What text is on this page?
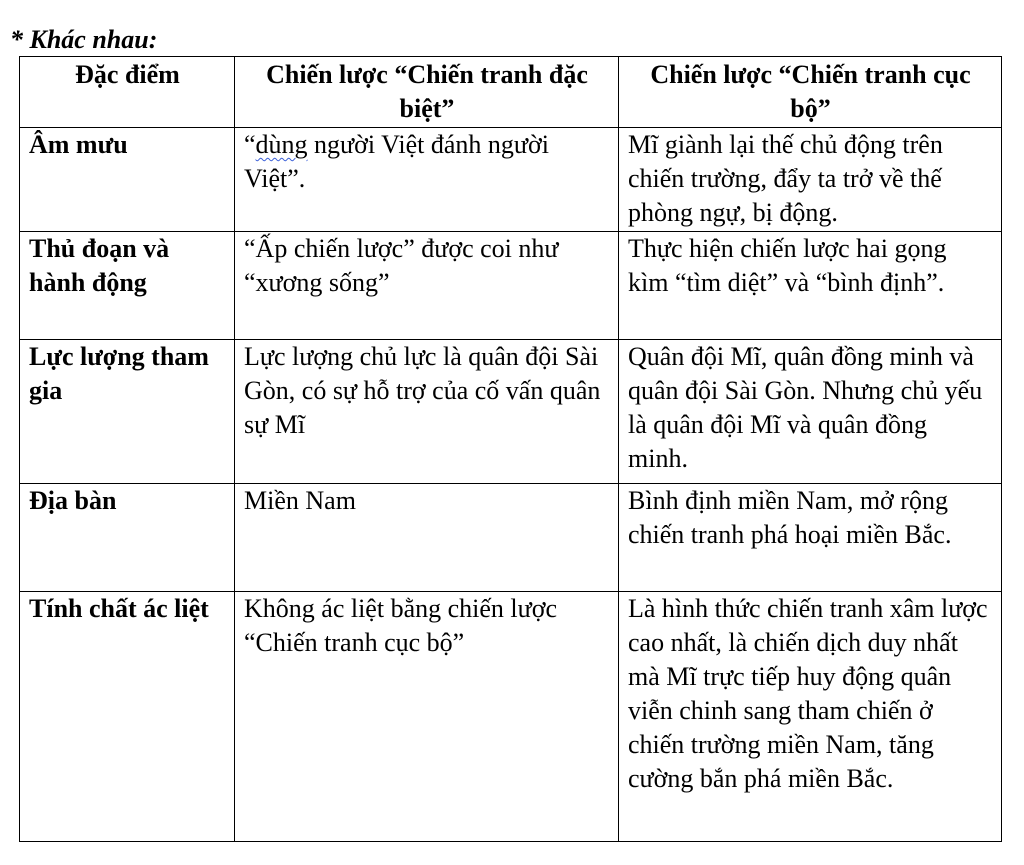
* Khác nhau:
Đặc điểm	Chiến lược “Chiến tranh đặc biệt”	Chiến lược “Chiến tranh cục bộ”
Âm mưu	“dùng người Việt đánh người Việt”.	Mĩ giành lại thế chủ động trên chiến trường, đẩy ta trở về thế phòng ngự, bị động.
Thủ đoạn và hành động	“Ấp chiến lược” được coi như “xương sống”	Thực hiện chiến lược hai gọng kìm “tìm diệt” và “bình định”.
Lực lượng tham gia	Lực lượng chủ lực là quân đội Sài Gòn, có sự hỗ trợ của cố vấn quân sự Mĩ	Quân đội Mĩ, quân đồng minh và quân đội Sài Gòn. Nhưng chủ yếu là quân đội Mĩ và quân đồng minh.
Địa bàn	Miền Nam	Bình định miền Nam, mở rộng chiến tranh phá hoại miền Bắc.
Tính chất ác liệt	Không ác liệt bằng chiến lược “Chiến tranh cục bộ”	Là hình thức chiến tranh xâm lược cao nhất, là chiến dịch duy nhất mà Mĩ trực tiếp huy động quân viễn chinh sang tham chiến ở chiến trường miền Nam, tăng cường bắn phá miền Bắc.
